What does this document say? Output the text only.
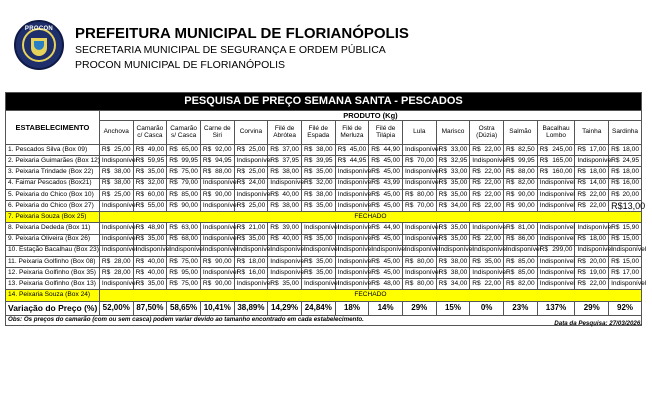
PROCON	PREFEITURA MUNICIPAL DE FLORIANÓPOLIS
SECRETARIA MUNICIPAL DE SEGURANÇA E ORDEM PÚBLICA
PROCON MUNICIPAL DE FLORIANÓPOLIS
PESQUISA DE PREÇO SEMANA SANTA - PESCADOS																
ESTABELECIMENTO	PRODUTO (Kg)															
	Anchova	Camarão c/ Casca	Camarão s/ Casca	Carne de Siri	Corvina	Filé de Abrótea	Filé de Espada	Filé de Merluza	Filé de Tilápia	Lula	Marisco	Ostra (Dúzia)	Salmão	Bacalhau Lombo	Tainha	Sardinha
1. Pescados Silva (Box 09)	R$ 25,00	R$ 49,00	R$ 65,00	R$ 92,00	R$ 25,00	R$ 37,00	R$ 38,00	R$ 45,00	R$ 44,90	Indisponível	R$ 33,00	R$ 22,00	R$ 82,50	R$ 245,00	R$ 17,00	R$ 18,00

2. Peixaria Guimarães (Box 12)	Indisponível	R$ 59,95	R$ 99,95	R$ 94,95	Indisponível	R$ 37,95	R$ 39,95	R$ 44,95	R$ 45,00	R$ 70,00	R$ 32,95	Indisponível	R$ 99,95	R$ 165,00	Indisponível	R$ 24,95

3. Peixaria Trindade (Box 22)	R$ 38,00	R$ 35,00	R$ 75,00	R$ 88,00	R$ 25,00	R$ 38,00	R$ 35,00	Indisponível	R$ 45,00	Indisponível	R$ 33,00	R$ 22,00	R$ 88,00	R$ 160,00	R$ 18,00	R$ 18,00

4. Faimar Pescados (Box21)	R$ 38,00	R$ 32,00	R$ 79,00	Indisponível	R$ 24,00	Indisponível	R$ 32,00	Indisponível	R$ 43,99	Indisponível	R$ 35,00	R$ 22,00	R$ 82,00	Indisponível	R$ 14,00	R$ 16,00

5. Peixaria do Chico (Box 10)	R$ 25,00	R$ 60,00	R$ 85,00	R$ 90,00	Indisponível	R$ 40,00	R$ 38,00	Indisponível	R$ 45,00	R$ 80,00	R$ 35,00	R$ 22,00	R$ 90,00	Indisponível	R$ 22,00	R$ 20,00

6. Peixaria do Chico (Box 27)	Indisponível	R$ 55,00	R$ 90,00	Indisponível	R$ 25,00	R$ 38,00	R$ 35,00	Indisponível	R$ 45,00	R$ 70,00	R$ 34,00	R$ 22,00	R$ 90,00	Indisponível	R$ 22,00	R$ 13,00

7. Peixaria Souza (Box 25)	FECHADO															
8. Peixaria Dededa (Box 11)	Indisponível	R$ 48,90	R$ 63,00	Indisponível	R$ 21,00	R$ 39,00	Indisponível	Indisponível	R$ 44,90	Indisponível	R$ 35,00	Indisponível	R$ 81,00	Indisponível	Indisponível	R$ 15,90

9. Peixaria Oliveira (Box 26)	Indisponível	R$ 35,00	R$ 68,00	Indisponível	R$ 35,00	R$ 40,00	R$ 35,00	Indisponível	R$ 45,00	Indisponível	R$ 35,00	R$ 22,00	R$ 86,00	Indisponível	R$ 18,00	R$ 15,00

10. Estação Bacalhau (Box 23)	Indisponível	Indisponível	Indisponível	Indisponível	Indisponível	Indisponível	Indisponível	Indisponível	Indisponível	Indisponível	Indisponível	Indisponível	Indisponível	R$ 299,00	Indisponível	Indisponível
11. Peixaria Golfinho (Box 08)	R$ 28,00	R$ 40,00	R$ 75,00	R$ 90,00	R$ 18,00	Indisponível	R$ 35,00	Indisponível	R$ 45,00	R$ 80,00	R$ 38,00	R$ 35,00	R$ 85,00	Indisponível	R$ 20,00	R$ 15,00

12. Peixaria Golfinho (Box 35)	R$ 28,00	R$ 40,00	R$ 95,00	Indisponível	R$ 16,00	Indisponível	R$ 35,00	Indisponível	R$ 45,00	Indisponível	R$ 38,00	Indisponível	R$ 85,00	Indisponível	R$ 19,00	R$ 17,00

13. Peixaria Golfinho (Box 13)	Indisponível	R$ 35,00	R$ 75,00	R$ 90,00	Indisponível	R$ 35,00	Indisponível	Indisponível	R$ 48,00	R$ 80,00	R$ 34,00	R$ 22,00	R$ 82,00	Indisponível	R$ 22,00	Indisponível
14. Peixaria Souza (Box 24)	FECHADO															
Variação do Preço (%)	52,00%	87,50%	58,65%	10,41%	38,89%	14,29%	24,84%	18%	14%	29%	15%	0%	23%	137%	29%	92%
Obs: Os preços do camarão (com ou sem casca) podem variar devido ao tamanho encontrado em cada estabelecimento.																
Data da Pesquisa: 27/03/2026.
